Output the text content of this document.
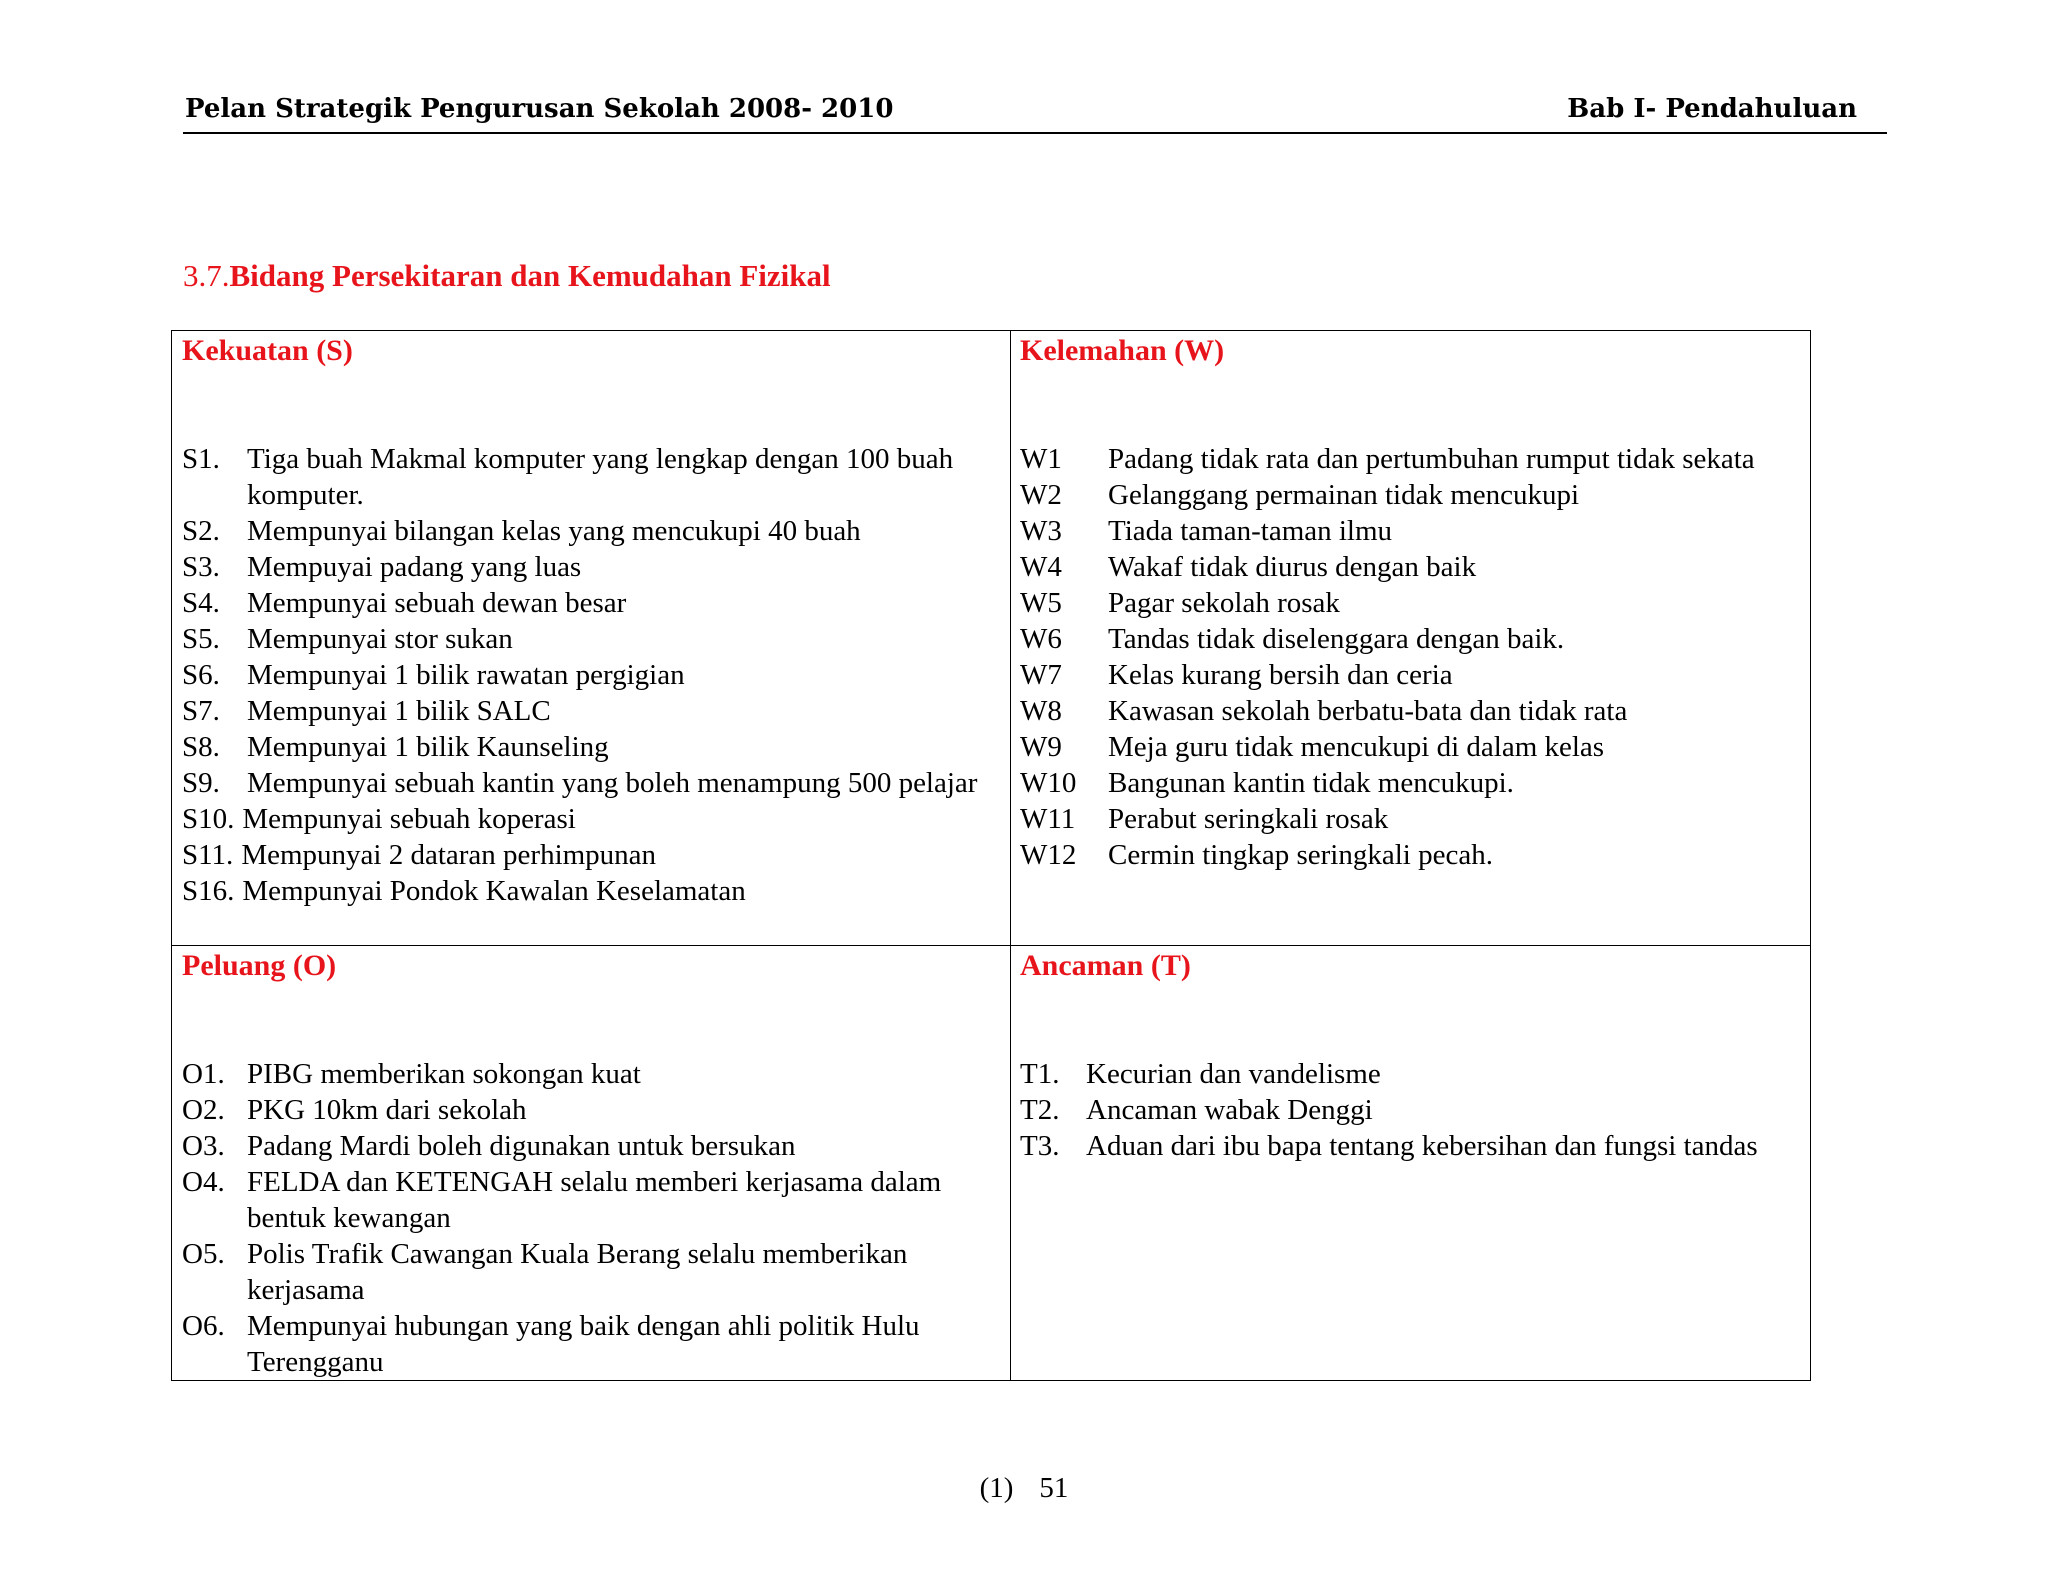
Pelan Strategik Pengurusan Sekolah 2008- 2010	Bab I- Pendahuluan
3.7.Bidang Persekitaran dan Kemudahan Fizikal
Kekuatan (S)
S1. Tiga buah Makmal komputer yang lengkap dengan 100 buah komputer.
S2. Mempunyai bilangan kelas yang mencukupi 40 buah
S3. Mempuyai padang yang luas
S4. Mempunyai sebuah dewan besar
S5. Mempunyai stor sukan
S6. Mempunyai 1 bilik rawatan pergigian
S7. Mempunyai 1 bilik SALC
S8. Mempunyai 1 bilik Kaunseling
S9. Mempunyai sebuah kantin yang boleh menampung 500 pelajar
S10. Mempunyai sebuah koperasi
S11. Mempunyai 2 dataran perhimpunan
S16. Mempunyai Pondok Kawalan Keselamatan
Kelemahan (W)
W1	Padang tidak rata dan pertumbuhan rumput tidak sekata
W2	Gelanggang permainan tidak mencukupi
W3	Tiada taman-taman ilmu
W4	Wakaf tidak diurus dengan baik
W5	Pagar sekolah rosak
W6	Tandas tidak diselenggara dengan baik.
W7	Kelas kurang bersih dan ceria
W8	Kawasan sekolah berbatu-bata dan tidak rata
W9	Meja guru tidak mencukupi di dalam kelas
W10	Bangunan kantin tidak mencukupi.
W11	Perabut seringkali rosak
W12	Cermin tingkap seringkali pecah.
Peluang (O)
O1. PIBG memberikan sokongan kuat
O2. PKG 10km dari sekolah
O3. Padang Mardi boleh digunakan untuk bersukan
O4. FELDA dan KETENGAH selalu memberi kerjasama dalam bentuk kewangan
O5. Polis Trafik Cawangan Kuala Berang selalu memberikan kerjasama
O6. Mempunyai hubungan yang baik dengan ahli politik Hulu Terengganu
Ancaman (T)
T1. Kecurian dan vandelisme
T2. Ancaman wabak Denggi
T3. Aduan dari ibu bapa tentang kebersihan dan fungsi tandas
(1) 51
